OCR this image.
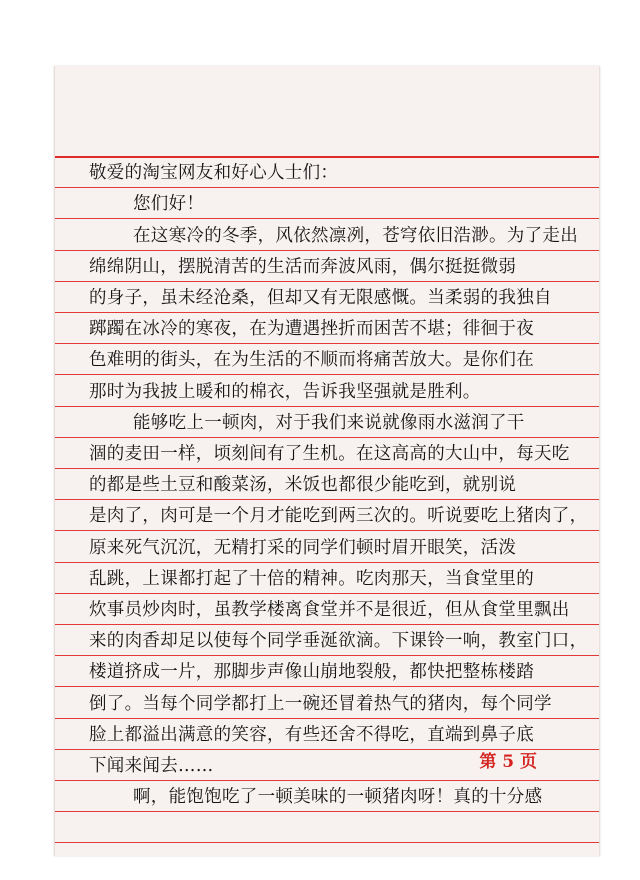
敬爱的淘宝网友和好心人士们：
您们好！
在这寒冷的冬季，风依然凛冽，苍穹依旧浩渺。为了走出
绵绵阴山，摆脱清苦的生活而奔波风雨，偶尔挺挺微弱
的身子，虽未经沧桑，但却又有无限感慨。当柔弱的我独自
踯躅在冰冷的寒夜，在为遭遇挫折而困苦不堪；徘徊于夜
色难明的街头，在为生活的不顺而将痛苦放大。是你们在
那时为我披上暖和的棉衣，告诉我坚强就是胜利。
能够吃上一顿肉，对于我们来说就像雨水滋润了干
涸的麦田一样，顷刻间有了生机。在这高高的大山中，每天吃
的都是些土豆和酸菜汤，米饭也都很少能吃到，就别说
是肉了，肉可是一个月才能吃到两三次的。听说要吃上猪肉了，
原来死气沉沉，无精打采的同学们顿时眉开眼笑，活泼
乱跳，上课都打起了十倍的精神。吃肉那天，当食堂里的
炊事员炒肉时，虽教学楼离食堂并不是很近，但从食堂里飘出
来的肉香却足以使每个同学垂涎欲滴。下课铃一响，教室门口，
楼道挤成一片，那脚步声像山崩地裂般，都快把整栋楼踏
倒了。当每个同学都打上一碗还冒着热气的猪肉，每个同学
脸上都溢出满意的笑容，有些还舍不得吃，直端到鼻子底
下闻来闻去……
啊，能饱饱吃了一顿美味的一顿猪肉呀！真的十分感
第 5 页
